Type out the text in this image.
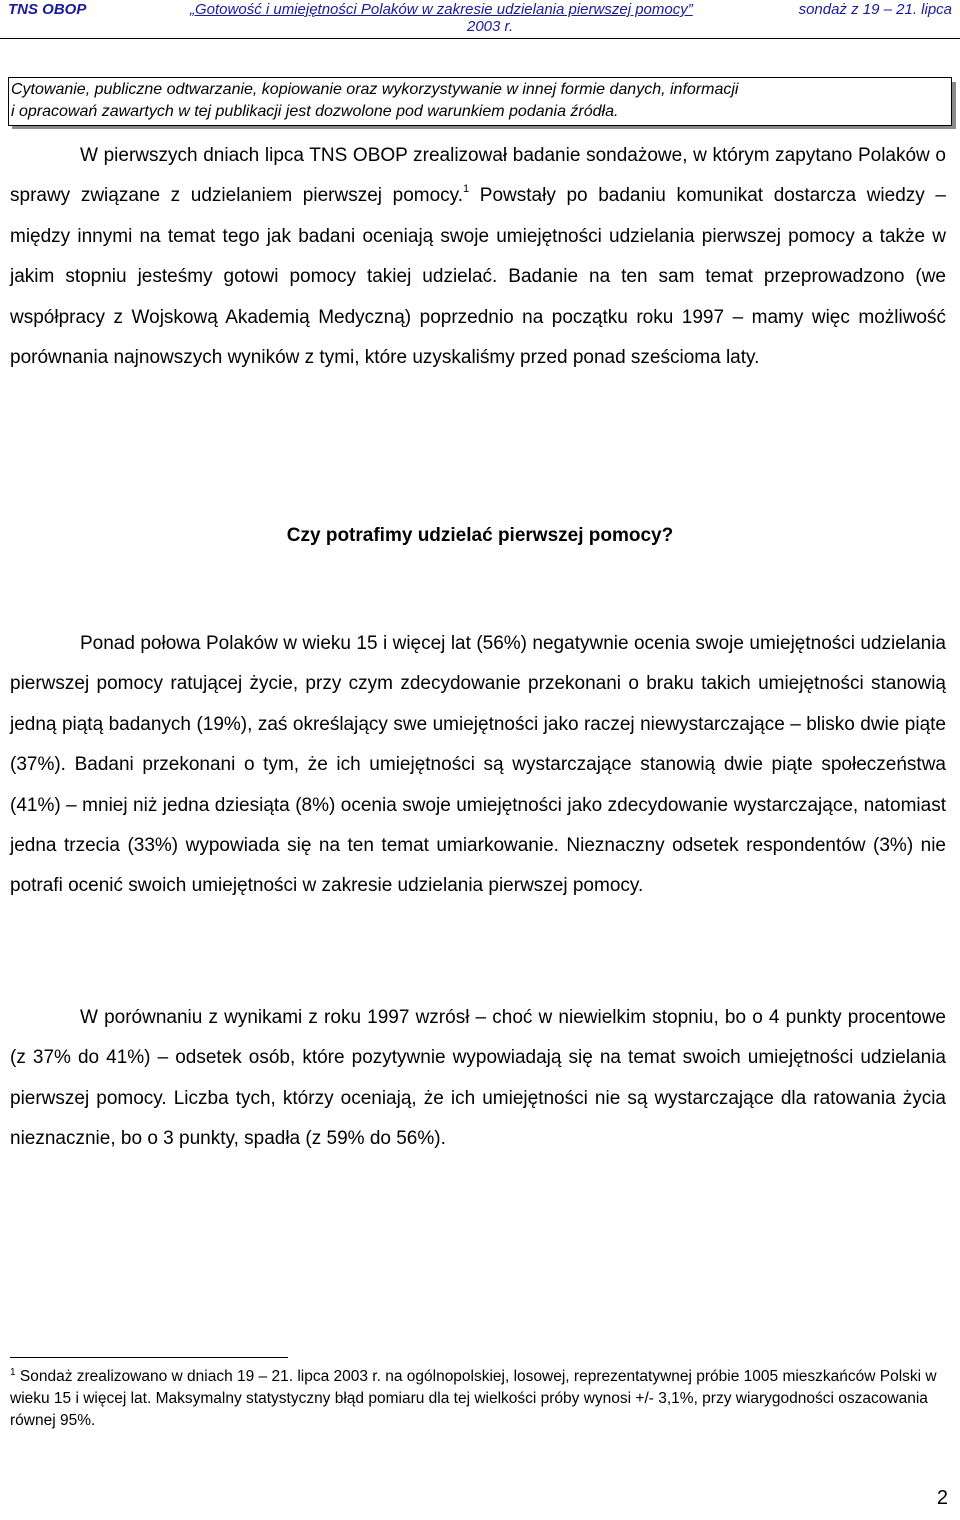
TNS OBOP	„Gotowość i umiejętności Polaków w zakresie udzielania pierwszej pomocy”	sondaż z 19 – 21. lipca
2003 r.
Cytowanie, publiczne odtwarzanie, kopiowanie oraz wykorzystywanie w innej formie danych, informacji
i opracowań zawartych w tej publikacji jest dozwolone pod warunkiem podania źródła.
W pierwszych dniach lipca TNS OBOP zrealizował badanie sondażowe, w którym zapytano Polaków o sprawy związane z udzielaniem pierwszej pomocy.$^1$ Powstały po badaniu komunikat dostarcza wiedzy – między innymi na temat tego jak badani oceniają swoje umiejętności udzielania pierwszej pomocy a także w jakim stopniu jesteśmy gotowi pomocy takiej udzielać. Badanie na ten sam temat przeprowadzono (we współpracy z Wojskową Akademią Medyczną) poprzednio na początku roku 1997 – mamy więc możliwość porównania najnowszych wyników z tymi, które uzyskaliśmy przed ponad sześcioma laty.
Czy potrafimy udzielać pierwszej pomocy?
Ponad połowa Polaków w wieku 15 i więcej lat (56%) negatywnie ocenia swoje umiejętności udzielania pierwszej pomocy ratującej życie, przy czym zdecydowanie przekonani o braku takich umiejętności stanowią jedną piątą badanych (19%), zaś określający swe umiejętności jako raczej niewystarczające – blisko dwie piąte (37%). Badani przekonani o tym, że ich umiejętności są wystarczające stanowią dwie piąte społeczeństwa (41%) – mniej niż jedna dziesiąta (8%) ocenia swoje umiejętności jako zdecydowanie wystarczające, natomiast jedna trzecia (33%) wypowiada się na ten temat umiarkowanie. Nieznaczny odsetek respondentów (3%) nie potrafi ocenić swoich umiejętności w zakresie udzielania pierwszej pomocy.
W porównaniu z wynikami z roku 1997 wzrósł – choć w niewielkim stopniu, bo o 4 punkty procentowe (z 37% do 41%) – odsetek osób, które pozytywnie wypowiadają się na temat swoich umiejętności udzielania pierwszej pomocy. Liczba tych, którzy oceniają, że ich umiejętności nie są wystarczające dla ratowania życia nieznacznie, bo o 3 punkty, spadła (z 59% do 56%).
$^1$ Sondaż zrealizowano w dniach 19 – 21. lipca 2003 r. na ogólnopolskiej, losowej, reprezentatywnej próbie 1005 mieszkańców Polski w wieku 15 i więcej lat. Maksymalny statystyczny błąd pomiaru dla tej wielkości próby wynosi +/- 3,1%, przy wiarygodności oszacowania równej 95%.
2
